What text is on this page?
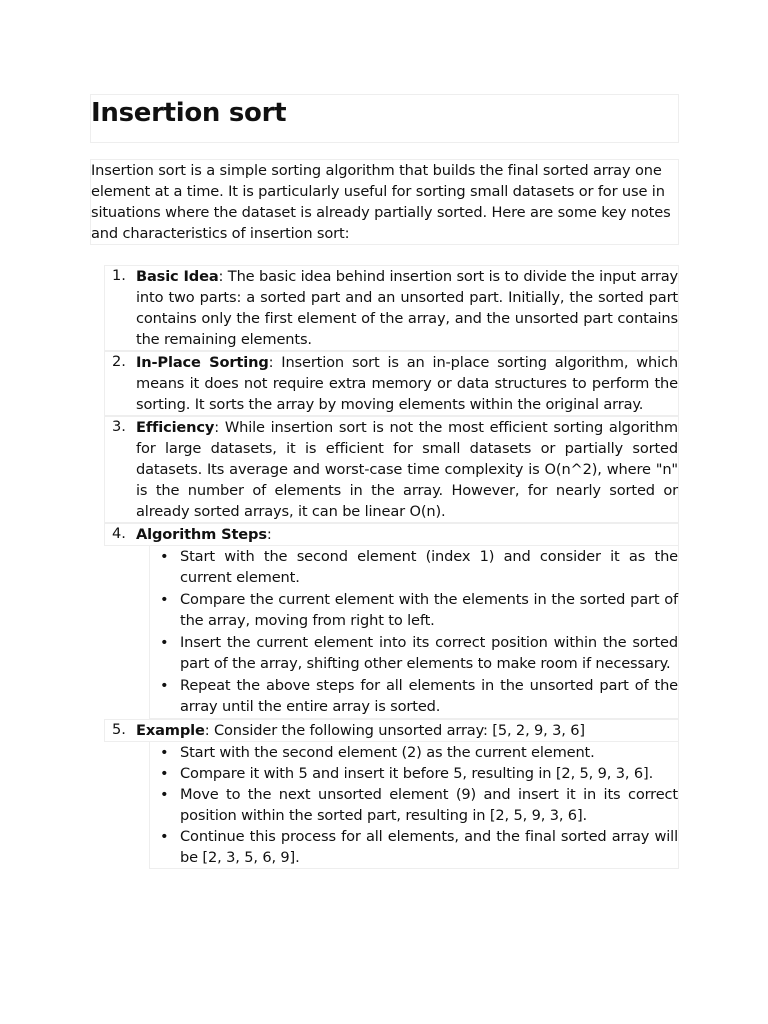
Insertion sort

Insertion sort is a simple sorting algorithm that builds the final sorted array one element at a time. It is particularly useful for sorting small datasets or for use in situations where the dataset is already partially sorted. Here are some key notes and characteristics of insertion sort:

1. Basic Idea: The basic idea behind insertion sort is to divide the input array into two parts: a sorted part and an unsorted part. Initially, the sorted part contains only the first element of the array, and the unsorted part contains the remaining elements.
2. In-Place Sorting: Insertion sort is an in-place sorting algorithm, which means it does not require extra memory or data structures to perform the sorting. It sorts the array by moving elements within the original array.
3. Efficiency: While insertion sort is not the most efficient sorting algorithm for large datasets, it is efficient for small datasets or partially sorted datasets. Its average and worst-case time complexity is O(n^2), where "n" is the number of elements in the array. However, for nearly sorted or already sorted arrays, it can be linear O(n).
4. Algorithm Steps:
• Start with the second element (index 1) and consider it as the current element.
• Compare the current element with the elements in the sorted part of the array, moving from right to left.
• Insert the current element into its correct position within the sorted part of the array, shifting other elements to make room if necessary.
• Repeat the above steps for all elements in the unsorted part of the array until the entire array is sorted.
5. Example: Consider the following unsorted array: [5, 2, 9, 3, 6]
• Start with the second element (2) as the current element.
• Compare it with 5 and insert it before 5, resulting in [2, 5, 9, 3, 6].
• Move to the next unsorted element (9) and insert it in its correct position within the sorted part, resulting in [2, 5, 9, 3, 6].
• Continue this process for all elements, and the final sorted array will be [2, 3, 5, 6, 9].
